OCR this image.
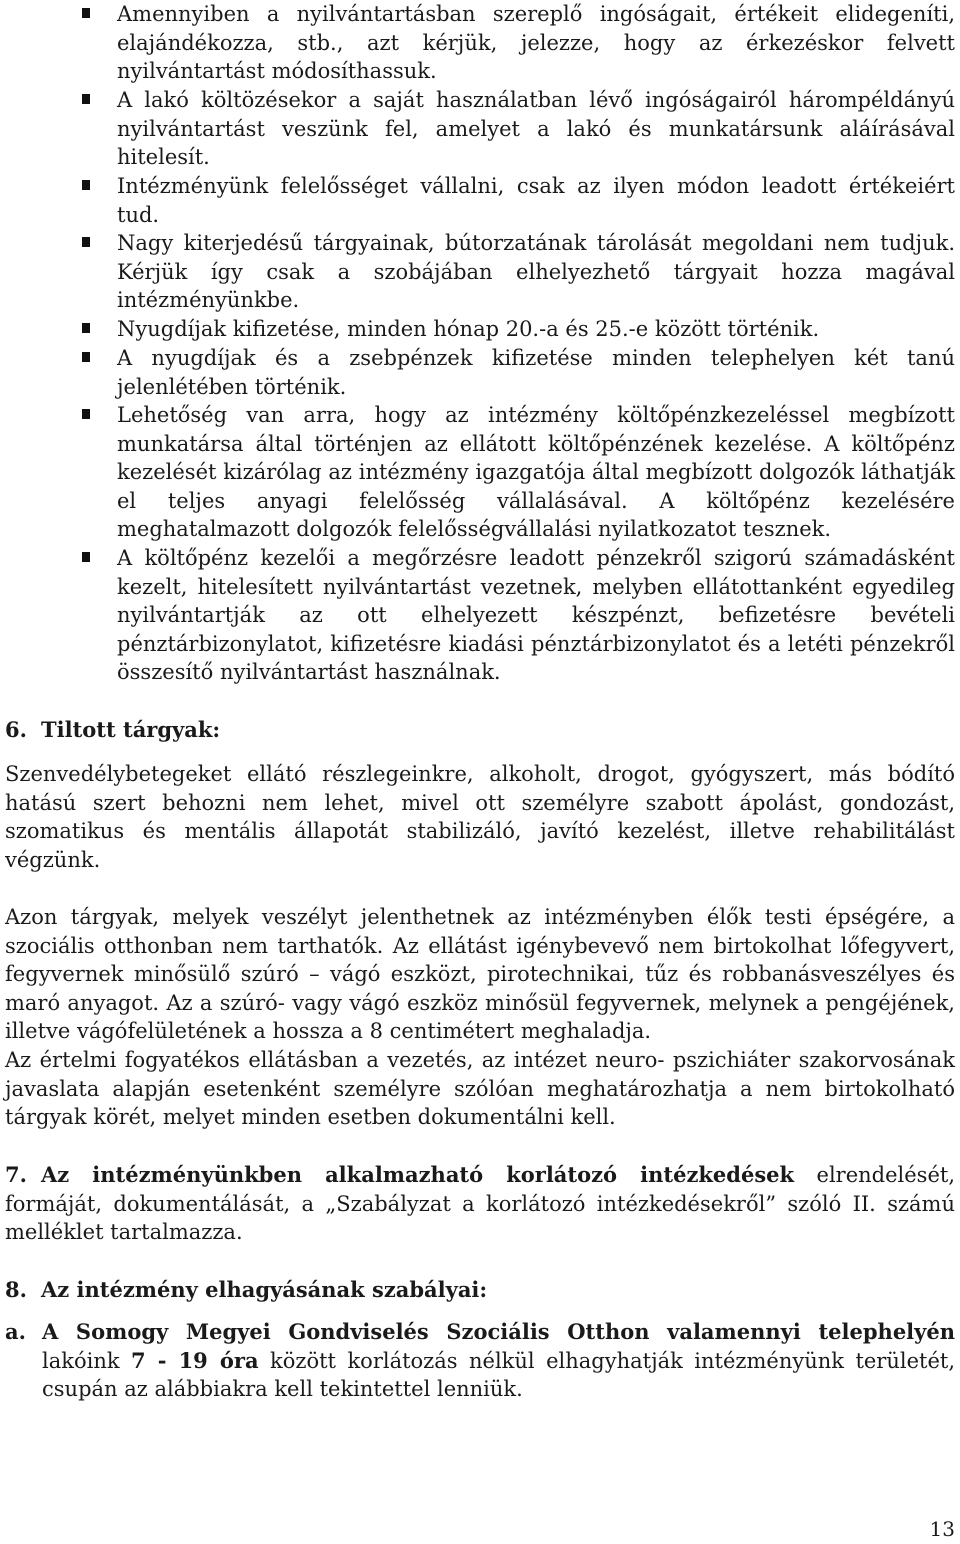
Amennyiben a nyilvántartásban szereplő ingóságait, értékeit elidegeníti, elajándékozza, stb., azt kérjük, jelezze, hogy az érkezéskor felvett nyilvántartást módosíthassuk.
A lakó költözésekor a saját használatban lévő ingóságairól hárompéldányú nyilvántartást veszünk fel, amelyet a lakó és munkatársunk aláírásával hitelesít.
Intézményünk felelősséget vállalni, csak az ilyen módon leadott értékeiért tud.
Nagy kiterjedésű tárgyainak, bútorzatának tárolását megoldani nem tudjuk. Kérjük így csak a szobájában elhelyezhető tárgyait hozza magával intézményünkbe.
Nyugdíjak kifizetése, minden hónap 20.-a és 25.-e között történik.
A nyugdíjak és a zsebpénzek kifizetése minden telephelyen két tanú jelenlétében történik.
Lehetőség van arra, hogy az intézmény költőpénzkezeléssel megbízott munkatársa által történjen az ellátott költőpénzének kezelése. A költőpénz kezelését kizárólag az intézmény igazgatója által megbízott dolgozók láthatják el teljes anyagi felelősség vállalásával. A költőpénz kezelésére meghatalmazott dolgozók felelősségvállalási nyilatkozatot tesznek.
A költőpénz kezelői a megőrzésre leadott pénzekről szigorú számadásként kezelt, hitelesített nyilvántartást vezetnek, melyben ellátottanként egyedileg nyilvántartják az ott elhelyezett készpénzt, befizetésre bevételi pénztárbizonylatot, kifizetésre kiadási pénztárbizonylatot és a letéti pénzekről összesítő nyilvántartást használnak.
6. Tiltott tárgyak:
Szenvedélybetegeket ellátó részlegeinkre, alkoholt, drogot, gyógyszert, más bódító hatású szert behozni nem lehet, mivel ott személyre szabott ápolást, gondozást, szomatikus és mentális állapotát stabilizáló, javító kezelést, illetve rehabilitálást végzünk.
Azon tárgyak, melyek veszélyt jelenthetnek az intézményben élők testi épségére, a szociális otthonban nem tarthatók. Az ellátást igénybevevő nem birtokolhat lőfegyvert, fegyvernek minősülő szúró – vágó eszközt, pirotechnikai, tűz és robbanásveszélyes és maró anyagot. Az a szúró- vagy vágó eszköz minősül fegyvernek, melynek a pengéjének, illetve vágófelületének a hossza a 8 centimétert meghaladja.
Az értelmi fogyatékos ellátásban a vezetés, az intézet neuro- pszichiáter szakorvosának javaslata alapján esetenként személyre szólóan meghatározhatja a nem birtokolható tárgyak körét, melyet minden esetben dokumentálni kell.
7. Az intézményünkben alkalmazható korlátozó intézkedések elrendelését, formáját, dokumentálását, a „Szabályzat a korlátozó intézkedésekről” szóló II. számú melléklet tartalmazza.
8. Az intézmény elhagyásának szabályai:
a. A Somogy Megyei Gondviselés Szociális Otthon valamennyi telephelyén lakóink 7 - 19 óra között korlátozás nélkül elhagyhatják intézményünk területét, csupán az alábbiakra kell tekintettel lenniük.
13
